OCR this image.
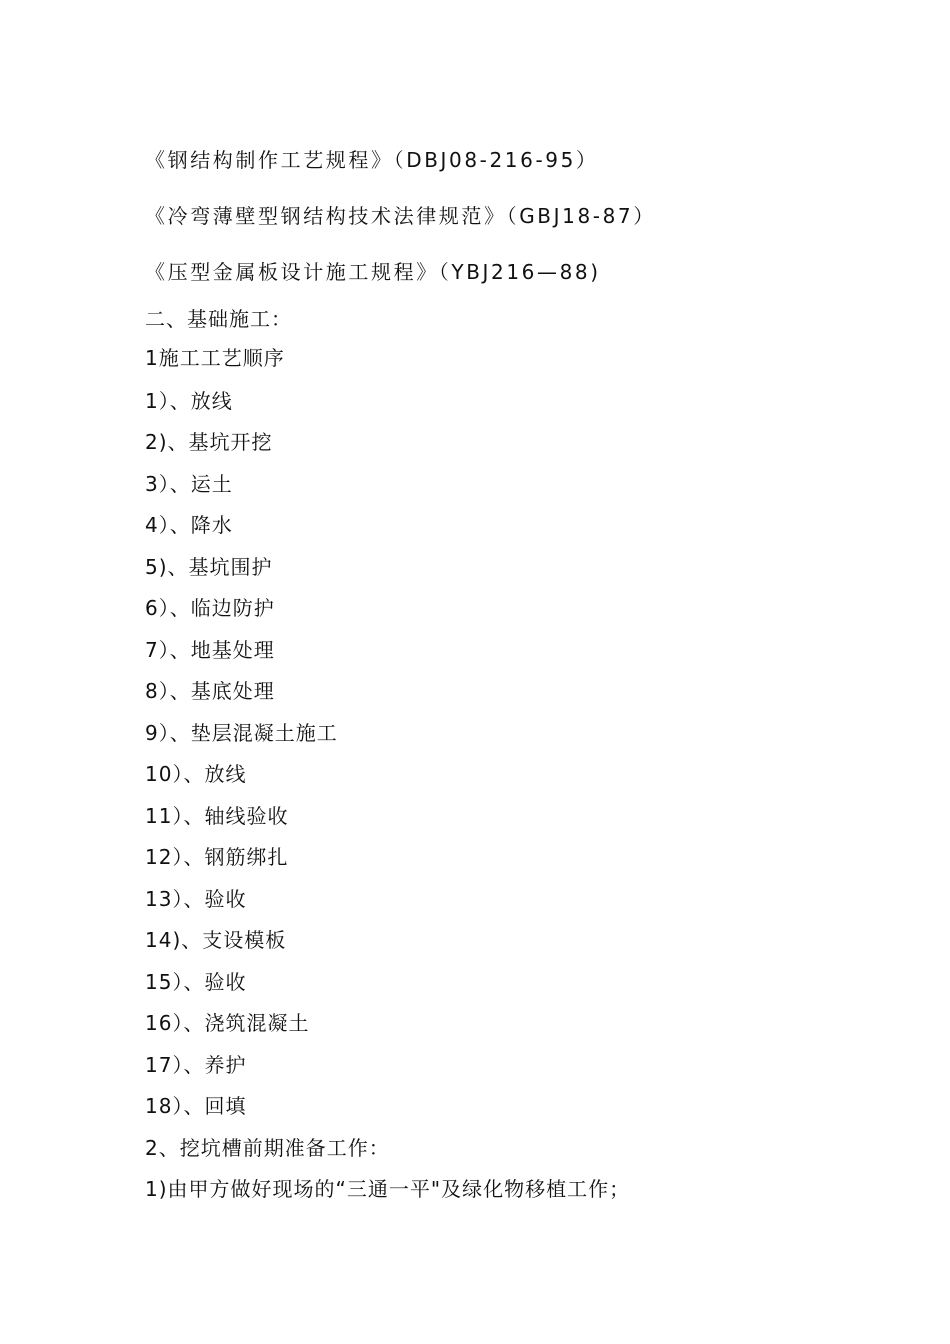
《钢结构制作工艺规程》（DBJ08-216-95）
《冷弯薄壁型钢结构技术法律规范》（GBJ18-87）
《压型金属板设计施工规程》（YBJ216—88)
二、基础施工：
1施工工艺顺序
1）、放线
2)、基坑开挖
3）、运土
4）、降水
5)、基坑围护
6）、临边防护
7）、地基处理
8）、基底处理
9）、垫层混凝土施工
10）、放线
11）、轴线验收
12）、钢筋绑扎
13）、验收
14)、支设模板
15）、验收
16）、浇筑混凝土
17）、养护
18）、回填
2、挖坑槽前期准备工作：
1)由甲方做好现场的“三通一平"及绿化物移植工作；
